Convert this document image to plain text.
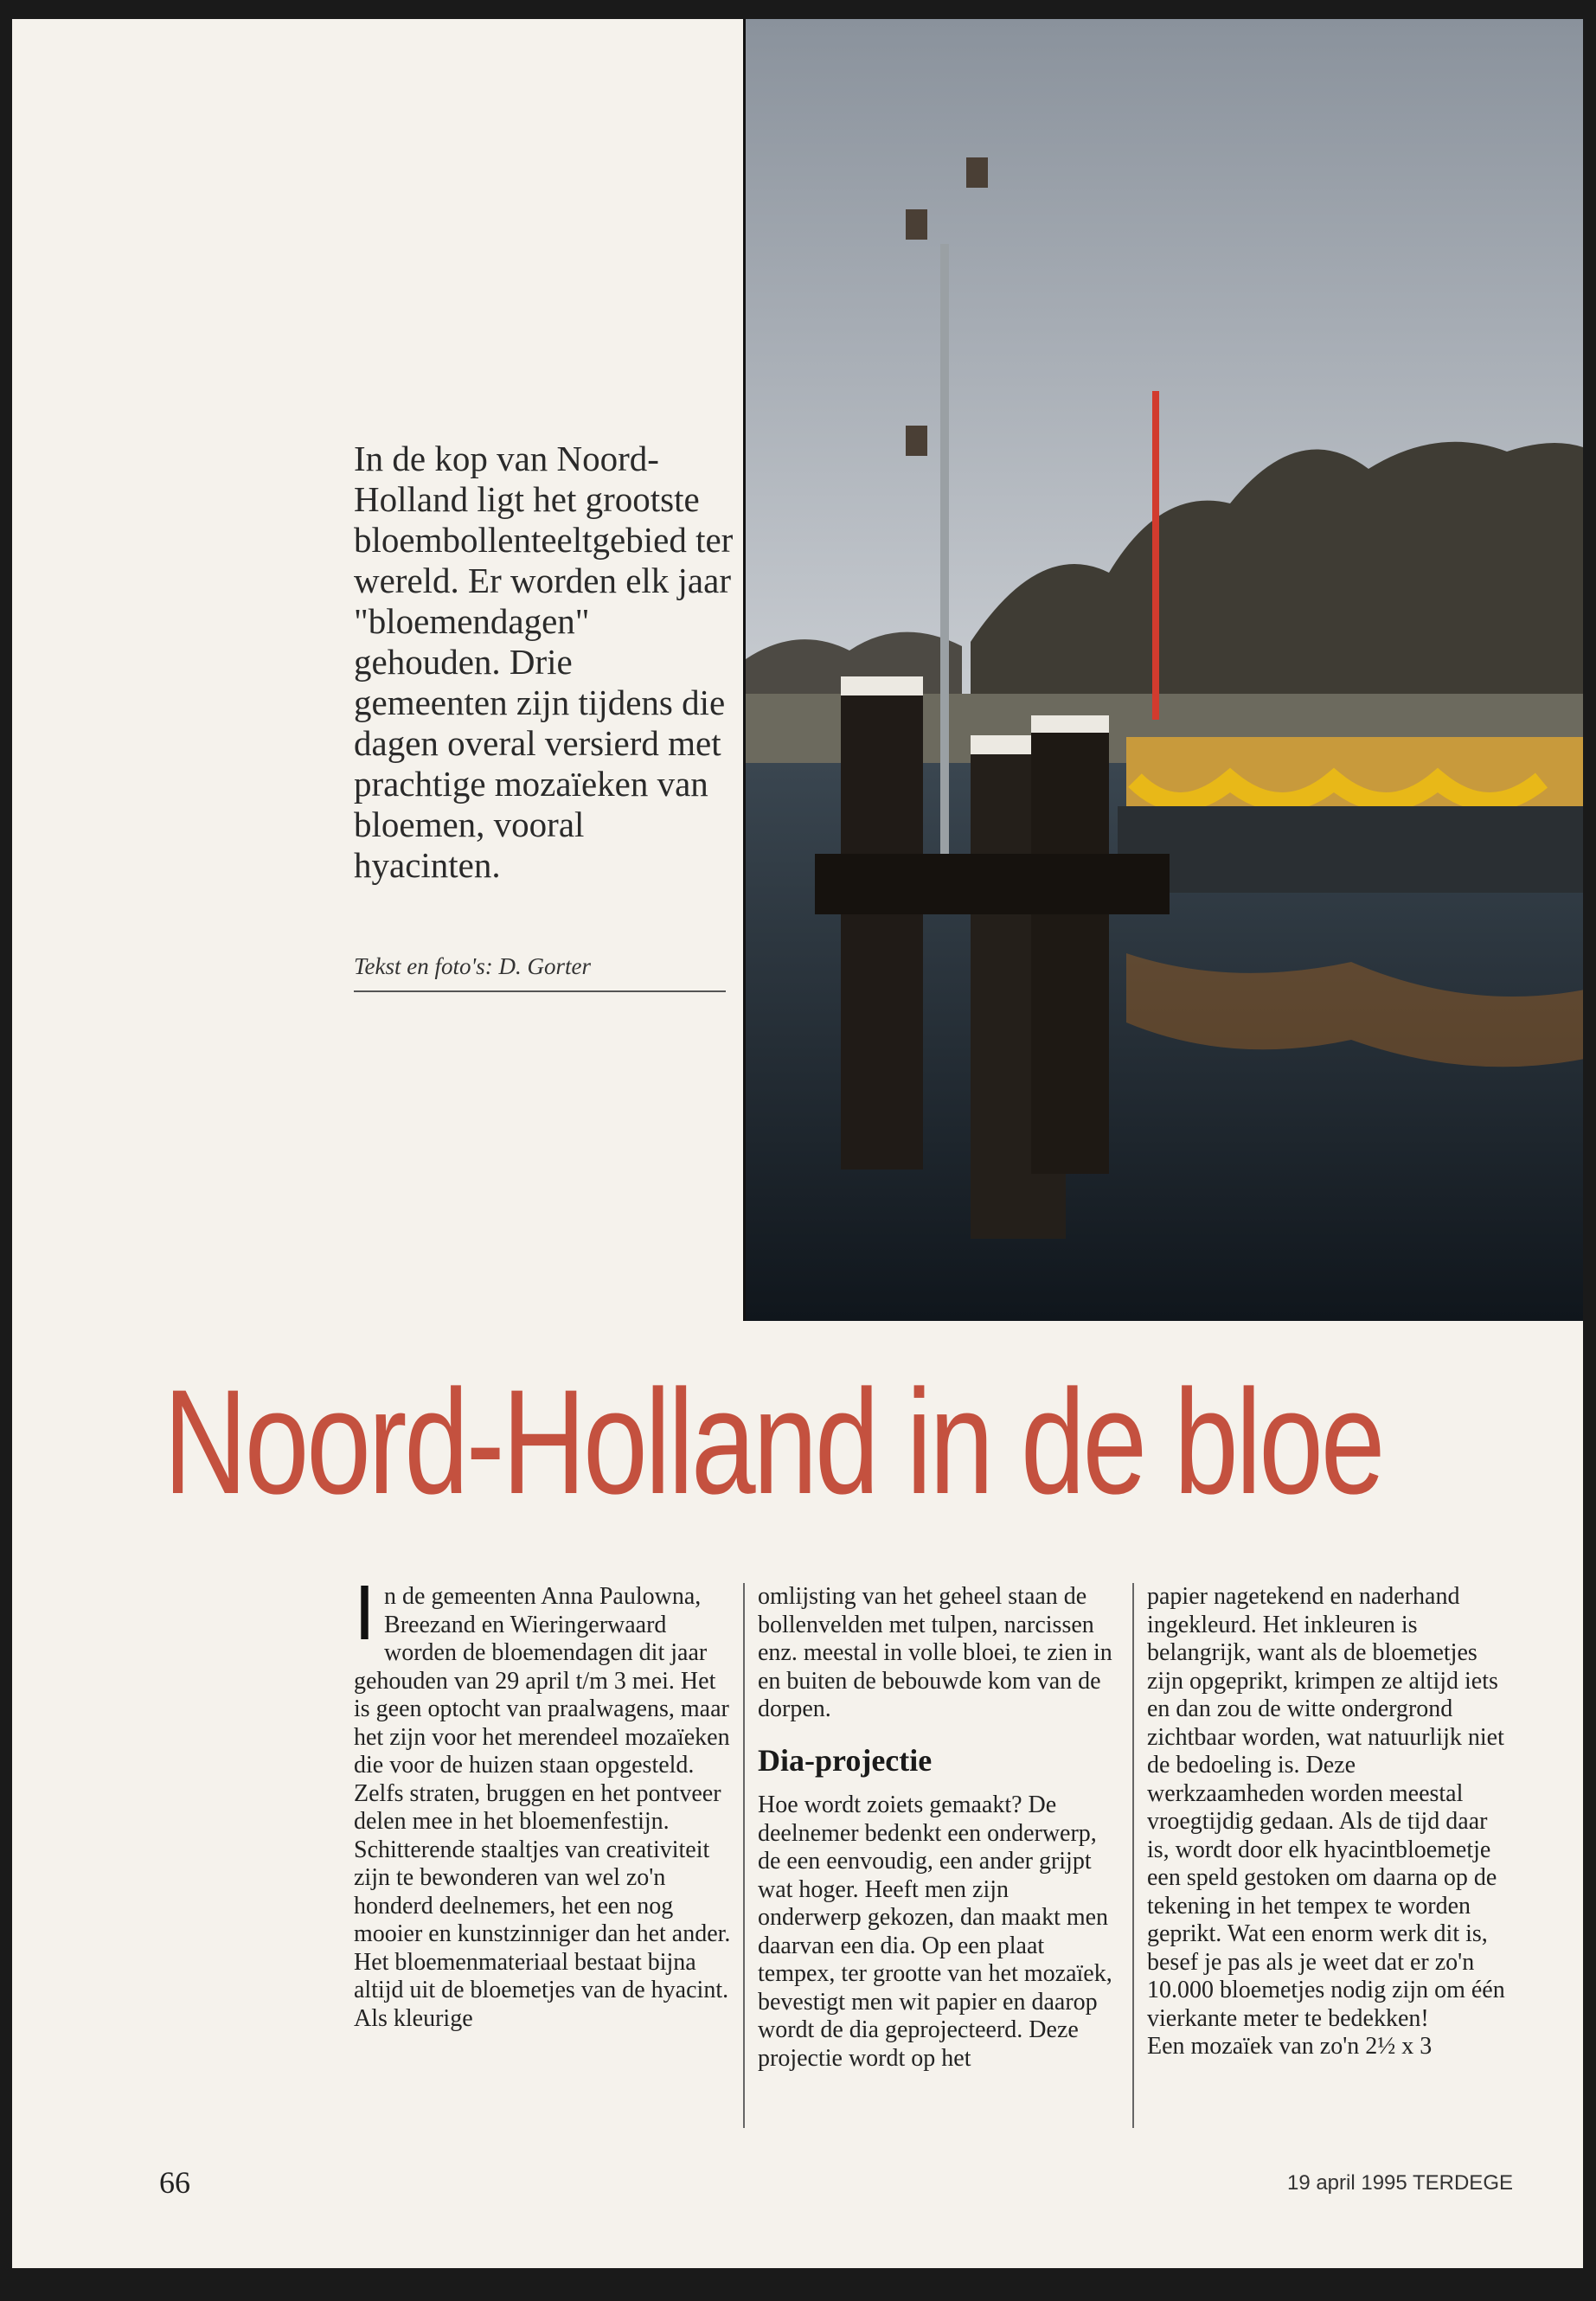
In de kop van Noord-Holland ligt het grootste bloembollenteeltgebied ter wereld. Er worden elk jaar "bloemendagen" gehouden. Drie gemeenten zijn tijdens die dagen overal versierd met prachtige mozaïeken van bloemen, vooral hyacinten.

Tekst en foto's: D. Gorter
Noord-Holland in de bloe

In de gemeenten Anna Paulowna, Breezand en Wieringerwaard worden de bloemendagen dit jaar gehouden van 29 april t/m 3 mei. Het is geen optocht van praalwagens, maar het zijn voor het merendeel mozaïeken die voor de huizen staan opgesteld. Zelfs straten, bruggen en het pontveer delen mee in het bloemenfestijn. Schitterende staaltjes van creativiteit zijn te bewonderen van wel zo'n honderd deelnemers, het een nog mooier en kunstzinniger dan het ander.

Het bloemenmateriaal bestaat bijna altijd uit de bloemetjes van de hyacint. Als kleurige

omlijsting van het geheel staan de bollenvelden met tulpen, narcissen enz. meestal in volle bloei, te zien in en buiten de bebouwde kom van de dorpen.

Dia-projectie

Hoe wordt zoiets gemaakt? De deelnemer bedenkt een onderwerp, de een eenvoudig, een ander grijpt wat hoger. Heeft men zijn onderwerp gekozen, dan maakt men daarvan een dia. Op een plaat tempex, ter grootte van het mozaïek, bevestigt men wit papier en daarop wordt de dia geprojecteerd. Deze projectie wordt op het

papier nagetekend en naderhand ingekleurd. Het inkleuren is belangrijk, want als de bloemetjes zijn opgeprikt, krimpen ze altijd iets en dan zou de witte ondergrond zichtbaar worden, wat natuurlijk niet de bedoeling is. Deze werkzaamheden worden meestal vroegtijdig gedaan. Als de tijd daar is, wordt door elk hyacintbloemetje een speld gestoken om daarna op de tekening in het tempex te worden geprikt. Wat een enorm werk dit is, besef je pas als je weet dat er zo'n 10.000 bloemetjes nodig zijn om één vierkante meter te bedekken!

Een mozaïek van zo'n 2½ x 3

66	19 april 1995 TERDEGE
